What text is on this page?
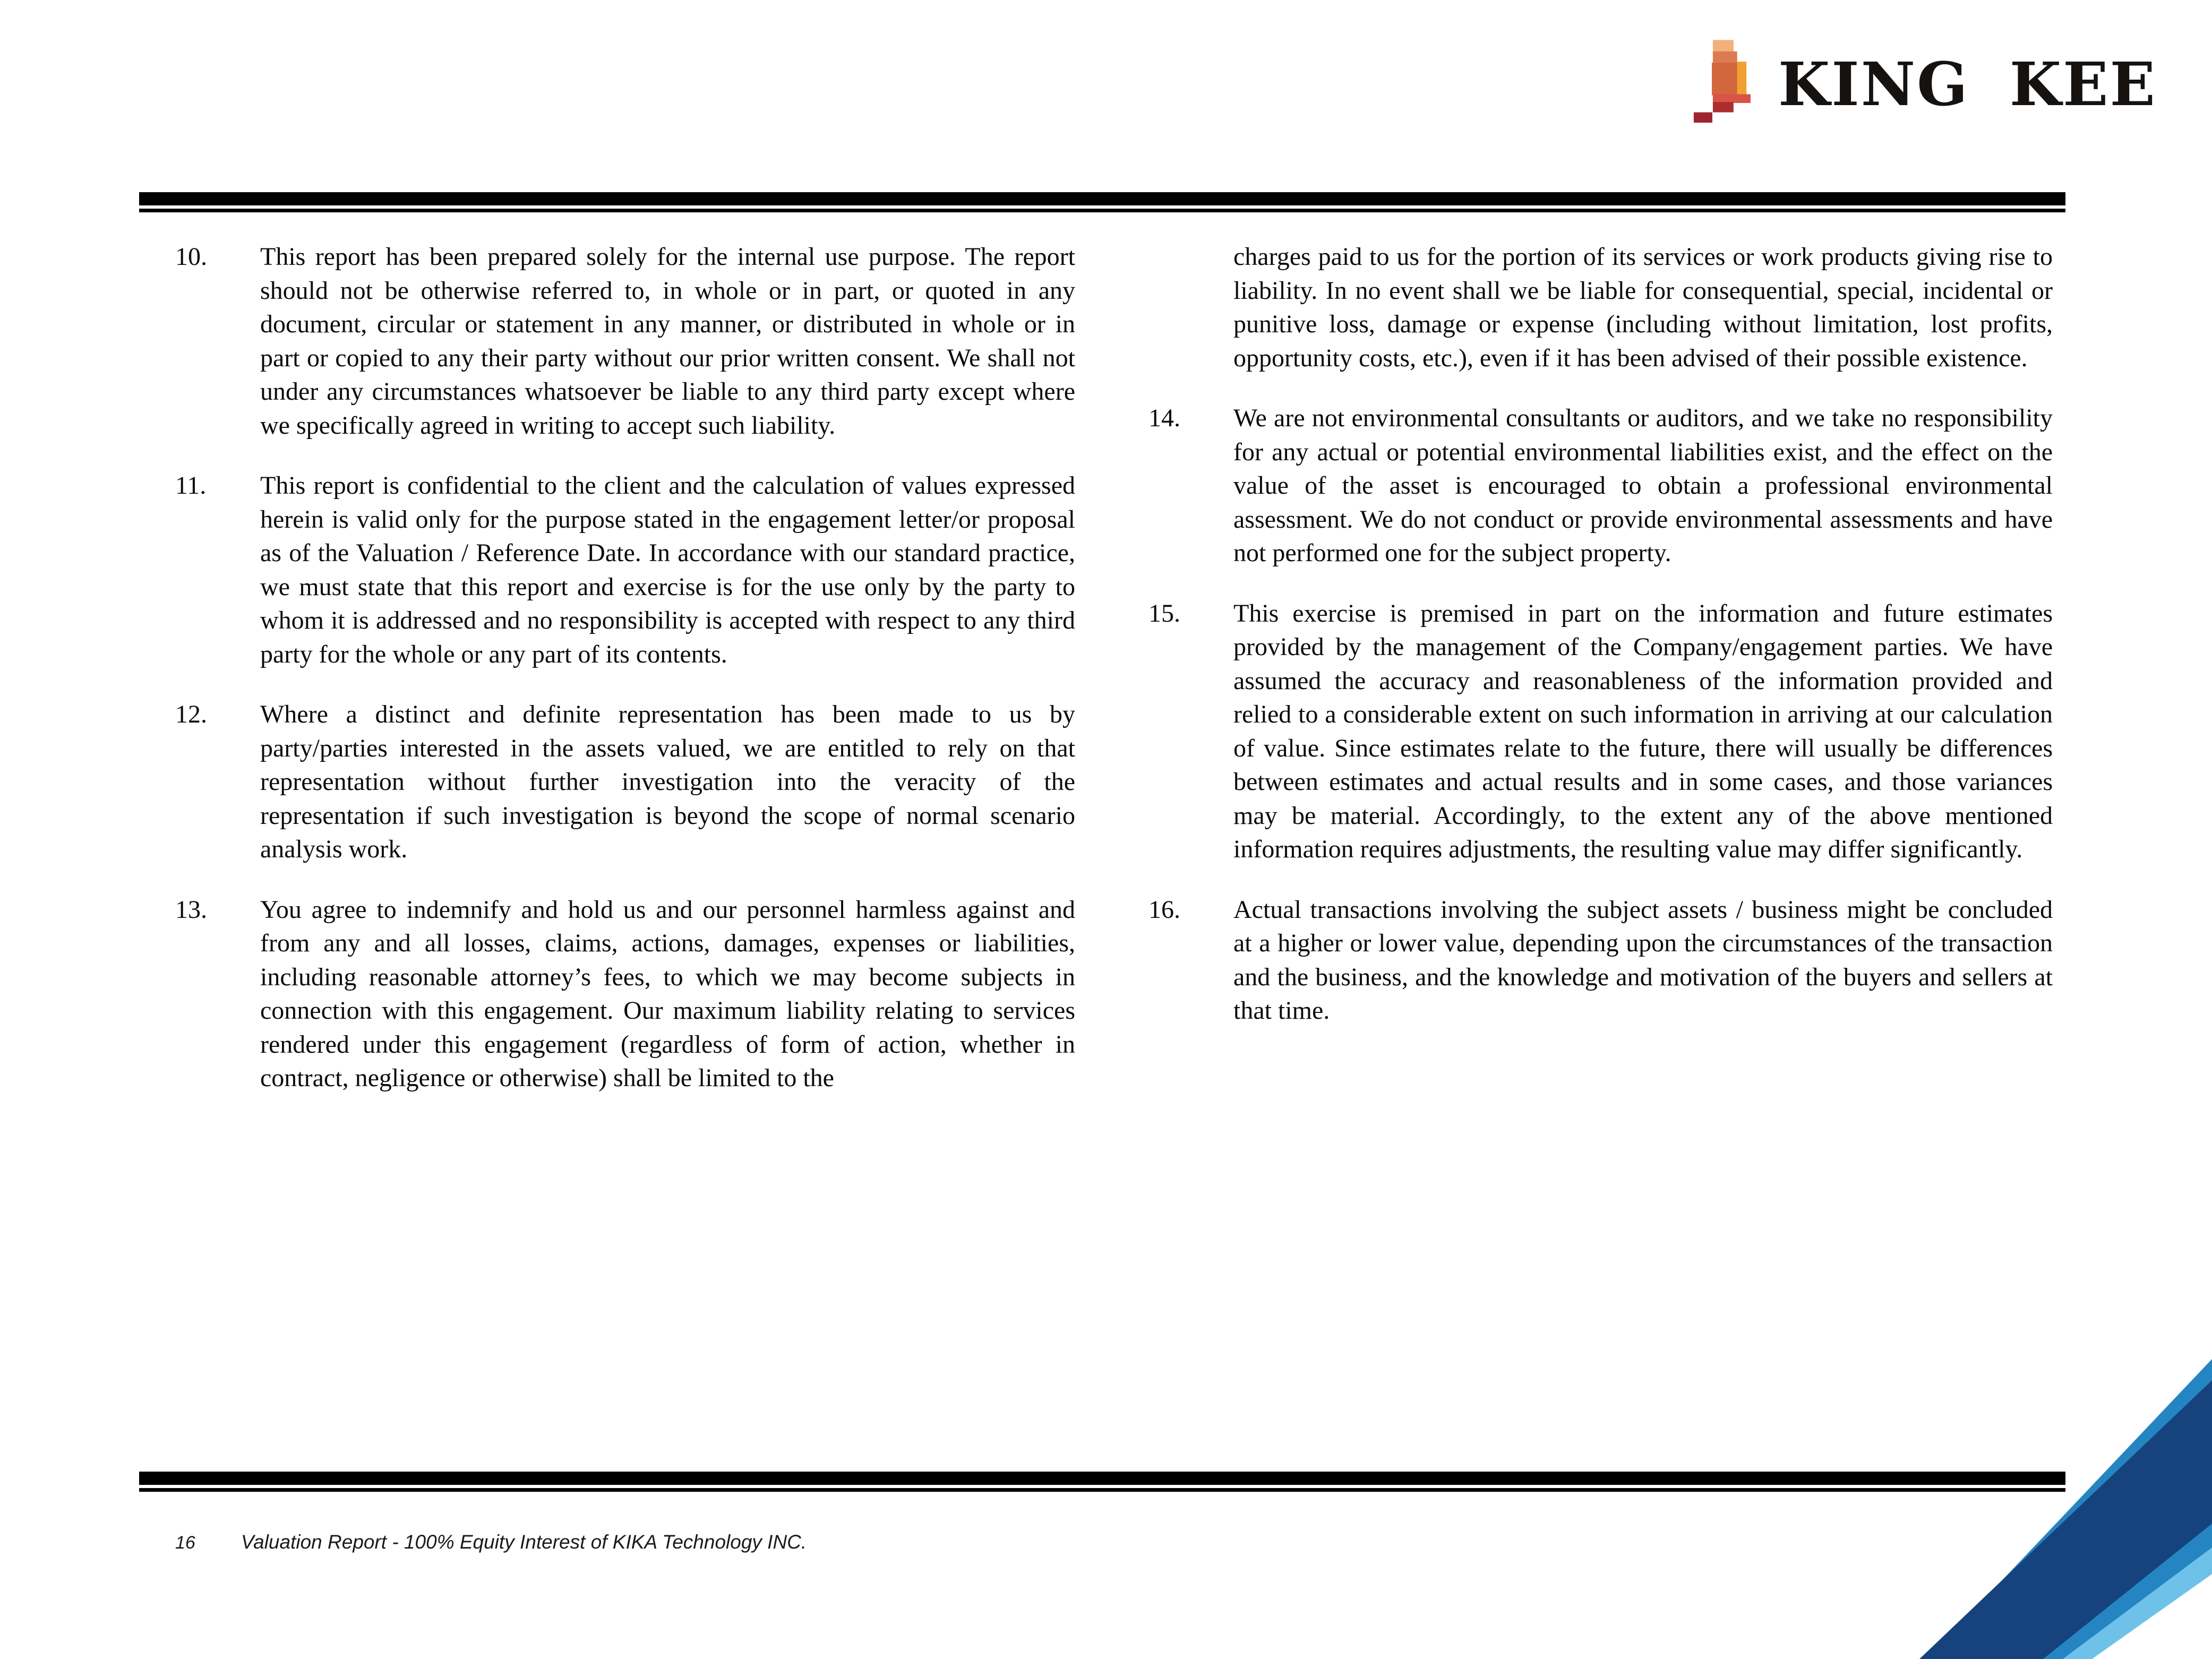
KING KEE
10.	This report has been prepared solely for the internal use purpose. The report should not be otherwise referred to, in whole or in part, or quoted in any document, circular or statement in any manner, or distributed in whole or in part or copied to any their party without our prior written consent. We shall not under any circumstances whatsoever be liable to any third party except where we specifically agreed in writing to accept such liability.
11.	This report is confidential to the client and the calculation of values expressed herein is valid only for the purpose stated in the engagement letter/or proposal as of the Valuation / Reference Date. In accordance with our standard practice, we must state that this report and exercise is for the use only by the party to whom it is addressed and no responsibility is accepted with respect to any third party for the whole or any part of its contents.
12.	Where a distinct and definite representation has been made to us by party/parties interested in the assets valued, we are entitled to rely on that representation without further investigation into the veracity of the representation if such investigation is beyond the scope of normal scenario analysis work.
13.	You agree to indemnify and hold us and our personnel harmless against and from any and all losses, claims, actions, damages, expenses or liabilities, including reasonable attorney’s fees, to which we may become subjects in connection with this engagement. Our maximum liability relating to services rendered under this engagement (regardless of form of action, whether in contract, negligence or otherwise) shall be limited to the
charges paid to us for the portion of its services or work products giving rise to liability. In no event shall we be liable for consequential, special, incidental or punitive loss, damage or expense (including without limitation, lost profits, opportunity costs, etc.), even if it has been advised of their possible existence.
14.	We are not environmental consultants or auditors, and we take no responsibility for any actual or potential environmental liabilities exist, and the effect on the value of the asset is encouraged to obtain a professional environmental assessment. We do not conduct or provide environmental assessments and have not performed one for the subject property.
15.	This exercise is premised in part on the information and future estimates provided by the management of the Company/engagement parties. We have assumed the accuracy and reasonableness of the information provided and relied to a considerable extent on such information in arriving at our calculation of value. Since estimates relate to the future, there will usually be differences between estimates and actual results and in some cases, and those variances may be material. Accordingly, to the extent any of the above mentioned information requires adjustments, the resulting value may differ significantly.
16.	Actual transactions involving the subject assets / business might be concluded at a higher or lower value, depending upon the circumstances of the transaction and the business, and the knowledge and motivation of the buyers and sellers at that time.
16 Valuation Report - 100% Equity Interest of KIKA Technology INC.
